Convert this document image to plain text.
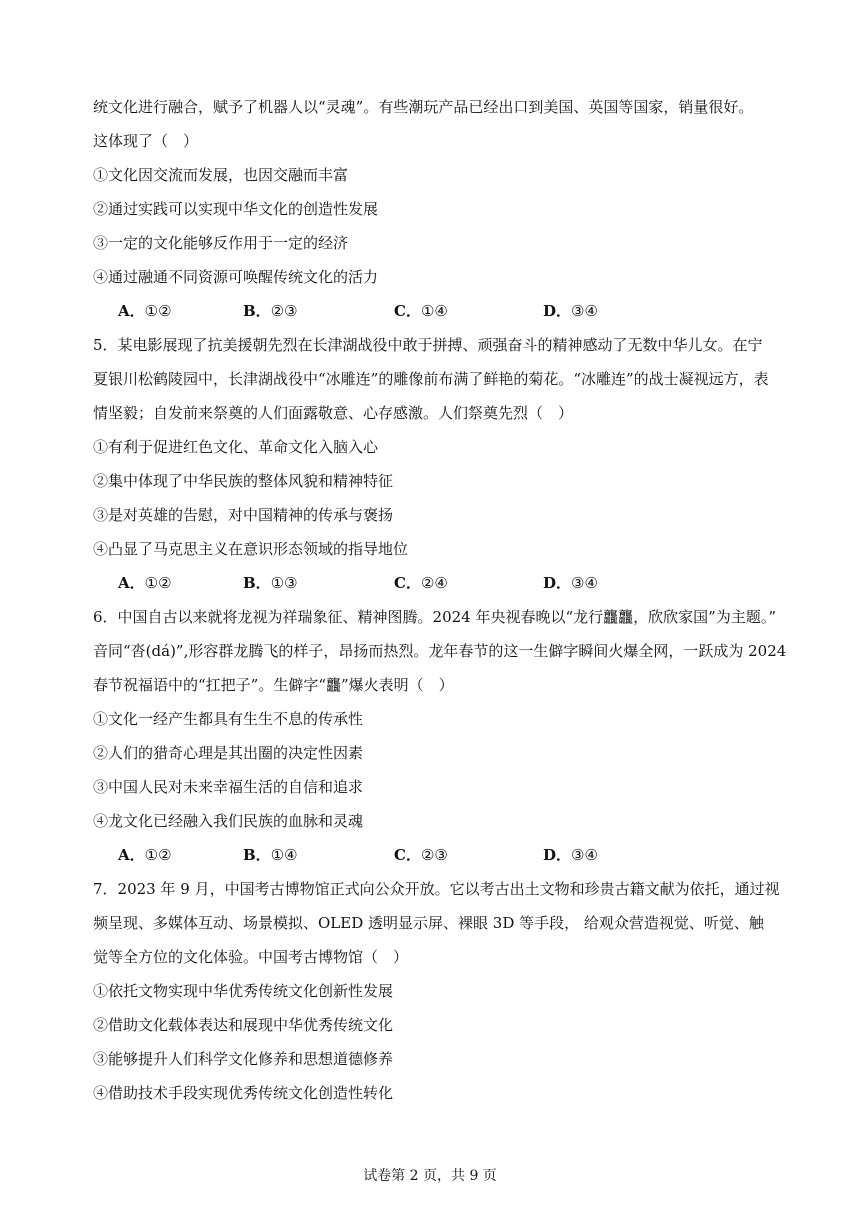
统文化进行融合，赋予了机器人以“灵魂”。有些潮玩产品已经出口到美国、英国等国家，销量很好。
这体现了（　）
①文化因交流而发展，也因交融而丰富
②通过实践可以实现中华文化的创造性发展
③一定的文化能够反作用于一定的经济
④通过融通不同资源可唤醒传统文化的活力
A．①②	B．②③	C．①④	D．③④
5．某电影展现了抗美援朝先烈在长津湖战役中敢于拼搏、顽强奋斗的精神感动了无数中华儿女。在宁
夏银川松鹤陵园中，长津湖战役中“冰雕连”的雕像前布满了鲜艳的菊花。“冰雕连”的战士凝视远方，表
情坚毅；自发前来祭奠的人们面露敬意、心存感激。人们祭奠先烈（　）
①有利于促进红色文化、革命文化入脑入心
②集中体现了中华民族的整体风貌和精神特征
③是对英雄的告慰，对中国精神的传承与褒扬
④凸显了马克思主义在意识形态领域的指导地位
A．①②	B．①③	C．②④	D．③④
6．中国自古以来就将龙视为祥瑞象征、精神图腾。2024 年央视春晚以“龙行龘龘，欣欣家国”为主题。”
音同“沓(dá)”,形容群龙腾飞的样子，昂扬而热烈。龙年春节的这一生僻字瞬间火爆全网，一跃成为 2024
春节祝福语中的“扛把子”。生僻字“龘”爆火表明（　）
①文化一经产生都具有生生不息的传承性
②人们的猎奇心理是其出圈的决定性因素
③中国人民对未来幸福生活的自信和追求
④龙文化已经融入我们民族的血脉和灵魂
A．①②	B．①④	C．②③	D．③④
7．2023 年 9 月，中国考古博物馆正式向公众开放。它以考古出土文物和珍贵古籍文献为依托，通过视
频呈现、多媒体互动、场景模拟、OLED 透明显示屏、裸眼 3D 等手段， 给观众营造视觉、听觉、触
觉等全方位的文化体验。中国考古博物馆（　）
①依托文物实现中华优秀传统文化创新性发展
②借助文化载体表达和展现中华优秀传统文化
③能够提升人们科学文化修养和思想道德修养
④借助技术手段实现优秀传统文化创造性转化
试卷第 2 页，共 9 页
